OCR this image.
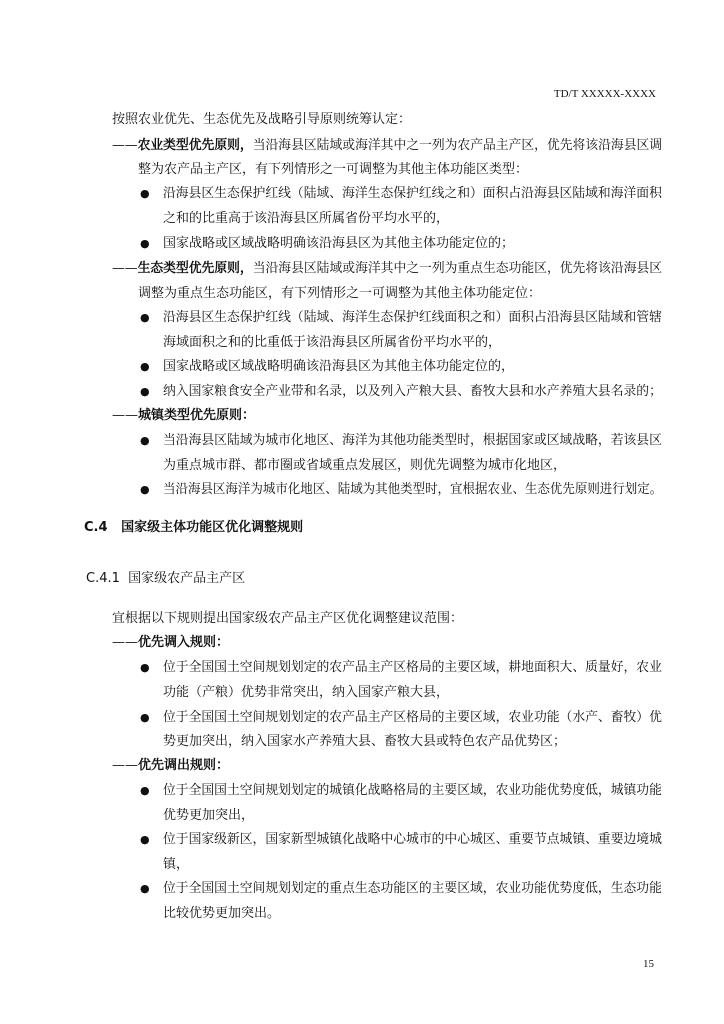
TD/T XXXXX-XXXX
按照农业优先、生态优先及战略引导原则统筹认定：
——农业类型优先原则，当沿海县区陆域或海洋其中之一列为农产品主产区，优先将该沿海县区调
整为农产品主产区，有下列情形之一可调整为其他主体功能区类型：
● 沿海县区生态保护红线（陆域、海洋生态保护红线之和）面积占沿海县区陆域和海洋面积
之和的比重高于该沿海县区所属省份平均水平的，
● 国家战略或区域战略明确该沿海县区为其他主体功能定位的；
——生态类型优先原则，当沿海县区陆域或海洋其中之一列为重点生态功能区，优先将该沿海县区
调整为重点生态功能区，有下列情形之一可调整为其他主体功能定位：
● 沿海县区生态保护红线（陆域、海洋生态保护红线面积之和）面积占沿海县区陆域和管辖
海域面积之和的比重低于该沿海县区所属省份平均水平的，
● 国家战略或区域战略明确该沿海县区为其他主体功能定位的，
● 纳入国家粮食安全产业带和名录，以及列入产粮大县、畜牧大县和水产养殖大县名录的；
——城镇类型优先原则：
● 当沿海县区陆域为城市化地区、海洋为其他功能类型时，根据国家或区域战略，若该县区
为重点城市群、都市圈或省域重点发展区，则优先调整为城市化地区，
● 当沿海县区海洋为城市化地区、陆域为其他类型时，宜根据农业、生态优先原则进行划定。
C.4 国家级主体功能区优化调整规则
C.4.1 国家级农产品主产区
宜根据以下规则提出国家级农产品主产区优化调整建议范围：
——优先调入规则：
● 位于全国国土空间规划划定的农产品主产区格局的主要区域，耕地面积大、质量好，农业
功能（产粮）优势非常突出，纳入国家产粮大县，
● 位于全国国土空间规划划定的农产品主产区格局的主要区域，农业功能（水产、畜牧）优
势更加突出，纳入国家水产养殖大县、畜牧大县或特色农产品优势区；
——优先调出规则：
● 位于全国国土空间规划划定的城镇化战略格局的主要区域，农业功能优势度低，城镇功能
优势更加突出，
● 位于国家级新区，国家新型城镇化战略中心城市的中心城区、重要节点城镇、重要边境城
镇，
● 位于全国国土空间规划划定的重点生态功能区的主要区域，农业功能优势度低，生态功能
比较优势更加突出。
15
